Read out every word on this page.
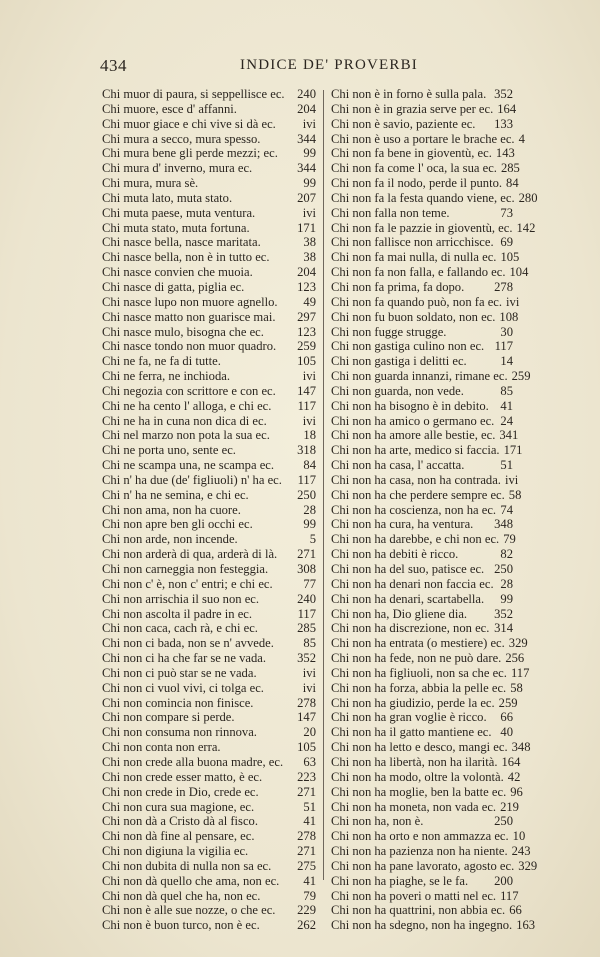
434	INDICE DE' PROVERBI
Chi muor di paura, si seppellisce ec. 240
Chi muore, esce d' affanni.	204
Chi muor giace e chi vive si dà ec.	ivi
Chi mura a secco, mura spesso.	344
Chi mura bene gli perde mezzi; ec.	99
Chi mura d' inverno, mura ec.	344
Chi mura, mura sè.	99
Chi muta lato, muta stato.	207
Chi muta paese, muta ventura.	ivi
Chi muta stato, muta fortuna.	171
Chi nasce bella, nasce maritata.	38
Chi nasce bella, non è in tutto ec.	38
Chi nasce convien che muoia.	204
Chi nasce di gatta, piglia ec.	123
Chi nasce lupo non muore agnello.	49
Chi nasce matto non guarisce mai.	297
Chi nasce mulo, bisogna che ec.	123
Chi nasce tondo non muor quadro.	259
Chi ne fa, ne fa di tutte.	105
Chi ne ferra, ne inchioda.	ivi
Chi negozia con scrittore e con ec.	147
Chi ne ha cento l' alloga, e chi ec.	117
Chi ne ha in cuna non dica di ec.	ivi
Chi nel marzo non pota la sua ec.	18
Chi ne porta uno, sente ec.	318
Chi ne scampa una, ne scampa ec.	84
Chi n' ha due (de' figliuoli) n' ha ec.	117
Chi n' ha ne semina, e chi ec.	250
Chi non ama, non ha cuore.	28
Chi non apre ben gli occhi ec.	99
Chi non arde, non incende.	5
Chi non arderà di qua, arderà di là.	271
Chi non carneggia non festeggia.	308
Chi non c' è, non c' entri; e chi ec.	77
Chi non arrischia il suo non ec.	240
Chi non ascolta il padre in ec.	117
Chi non caca, cach rà, e chi ec.	285
Chi non ci bada, non se n' avvede.	85
Chi non ci ha che far se ne vada.	352
Chi non ci può star se ne vada.	ivi
Chi non ci vuol vivi, ci tolga ec.	ivi
Chi non comincia non finisce.	278
Chi non compare si perde.	147
Chi non consuma non rinnova.	20
Chi non conta non erra.	105
Chi non crede alla buona madre, ec.	63
Chi non crede esser matto, è ec.	223
Chi non crede in Dio, crede ec.	271
Chi non cura sua magione, ec.	51
Chi non dà a Cristo dà al fisco.	41
Chi non dà fine al pensare, ec.	278
Chi non digiuna la vigilia ec.	271
Chi non dubita di nulla non sa ec.	275
Chi non dà quello che ama, non ec.	41
Chi non dà quel che ha, non ec.	79
Chi non è alle sue nozze, o che ec.	229
Chi non è buon turco, non è ec.	262
Chi non è in forno è sulla pala. 352
Chi non è in grazia serve per ec. 164
Chi non è savio, paziente ec.	133
Chi non è uso a portare le brache ec. 4
Chi non fa bene in gioventù, ec. 143
Chi non fa come l' oca, la sua ec. 285
Chi non fa il nodo, perde il punto. 84
Chi non fa la festa quando viene, ec. 280
Chi non falla non teme.	73
Chi non fa le pazzie in gioventù, ec. 142
Chi non fallisce non arricchisce. 69
Chi non fa mai nulla, di nulla ec. 105
Chi non fa non falla, e fallando ec. 104
Chi non fa prima, fa dopo.	278
Chi non fa quando può, non fa ec. ivi
Chi non fu buon soldato, non ec. 108
Chi non fugge strugge.	30
Chi non gastiga culino non ec. 117
Chi non gastiga i delitti ec.	14
Chi non guarda innanzi, rimane ec. 259
Chi non guarda, non vede.	85
Chi non ha bisogno è in debito. 41
Chi non ha amico o germano ec. 24
Chi non ha amore alle bestie, ec. 341
Chi non ha arte, medico si faccia. 171
Chi non ha casa, l' accatta.	51
Chi non ha casa, non ha contrada. ivi
Chi non ha che perdere sempre ec. 58
Chi non ha coscienza, non ha ec. 74
Chi non ha cura, ha ventura.	348
Chi non ha darebbe, e chi non ec. 79
Chi non ha debiti è ricco.	82
Chi non ha del suo, patisce ec. 250
Chi non ha denari non faccia ec. 28
Chi non ha denari, scartabella.	99
Chi non ha, Dio gliene dia.	352
Chi non ha discrezione, non ec. 314
Chi non ha entrata (o mestiere) ec. 329
Chi non ha fede, non ne può dare. 256
Chi non ha figliuoli, non sa che ec. 117
Chi non ha forza, abbia la pelle ec. 58
Chi non ha giudizio, perde la ec. 259
Chi non ha gran voglie è ricco.	66
Chi non ha il gatto mantiene ec. 40
Chi non ha letto e desco, mangi ec. 348
Chi non ha libertà, non ha ilarità. 164
Chi non ha modo, oltre la volontà. 42
Chi non ha moglie, ben la batte ec. 96
Chi non ha moneta, non vada ec. 219
Chi non ha, non è.	250
Chi non ha orto e non ammazza ec. 10
Chi non ha pazienza non ha niente. 243
Chi non ha pane lavorato, agosto ec. 329
Chi non ha piaghe, se le fa.	200
Chi non ha poveri o matti nel ec. 117
Chi non ha quattrini, non abbia ec. 66
Chi non ha sdegno, non ha ingegno. 163
